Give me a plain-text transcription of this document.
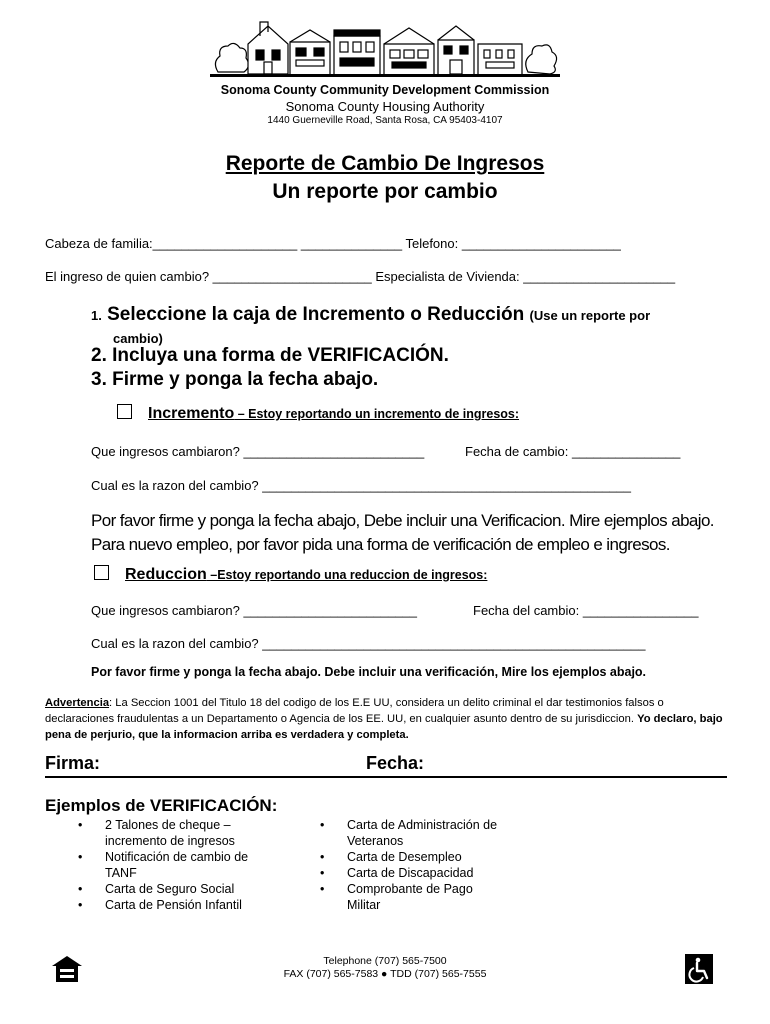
Sonoma County Community Development Commission
Sonoma County Housing Authority
1440 Guerneville Road, Santa Rosa, CA 95403-4107
Reporte de Cambio De Ingresos
Un reporte por cambio
Cabeza de familia:____________________ ______________ Telefono: ______________________
El ingreso de quien cambio? ______________________ Especialista de Vivienda: _____________________
1. Seleccione la caja de Incremento o Reducción (Use un reporte por
cambio)
2. Incluya una forma de VERIFICACIÓN.
3. Firme y ponga la fecha abajo.
Incremento – Estoy reportando un incremento de ingresos:
Que ingresos cambiaron? _________________________	Fecha de cambio: _______________
Cual es la razon del cambio? ___________________________________________________
Por favor firme y ponga la fecha abajo, Debe incluir una Verificacion. Mire ejemplos abajo. Para nuevo empleo, por favor pida una forma de verificación de empleo e ingresos.
Reduccion –Estoy reportando una reduccion de ingresos:
Que ingresos cambiaron? ________________________	Fecha del cambio: ________________
Cual es la razon del cambio? _____________________________________________________
Por favor firme y ponga la fecha abajo. Debe incluir una verificación, Mire los ejemplos abajo.
Advertencia: La Seccion 1001 del Titulo 18 del codigo de los E.E UU, considera un delito criminal el dar testimonios falsos o declaraciones fraudulentas a un Departamento o Agencia de los EE. UU, en cualquier asunto dentro de su jurisdiccion. Yo declaro, bajo pena de perjurio, que la informacion arriba es verdadera y completa.
Firma:	Fecha:
Ejemplos de VERIFICACIÓN:
• 2 Talones de cheque – incremento de ingresos
• Notificación de cambio de TANF
• Carta de Seguro Social
• Carta de Pensión Infantil
• Carta de Administración de Veteranos
• Carta de Desempleo
• Carta de Discapacidad
• Comprobante de Pago Militar
Telephone (707) 565-7500
FAX (707) 565-7583 ● TDD (707) 565-7555
